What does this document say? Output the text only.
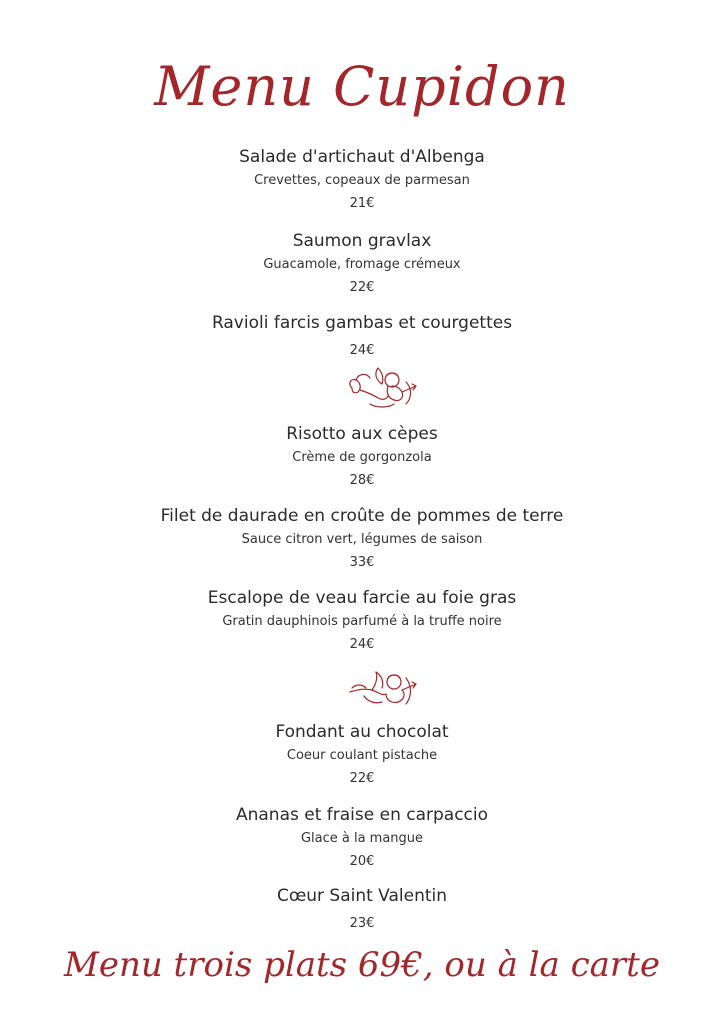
Menu Cupidon
Salade d'artichaut d'Albenga
Crevettes, copeaux de parmesan
21€
Saumon gravlax
Guacamole, fromage crémeux
22€
Ravioli farcis gambas et courgettes
24€
Risotto aux cèpes
Crème de gorgonzola
28€
Filet de daurade en croûte de pommes de terre
Sauce citron vert, légumes de saison
33€
Escalope de veau farcie au foie gras
Gratin dauphinois parfumé à la truffe noire
24€
Fondant au chocolat
Coeur coulant pistache
22€
Ananas et fraise en carpaccio
Glace à la mangue
20€
Cœur Saint Valentin
23€
Menu trois plats 69€, ou à la carte
